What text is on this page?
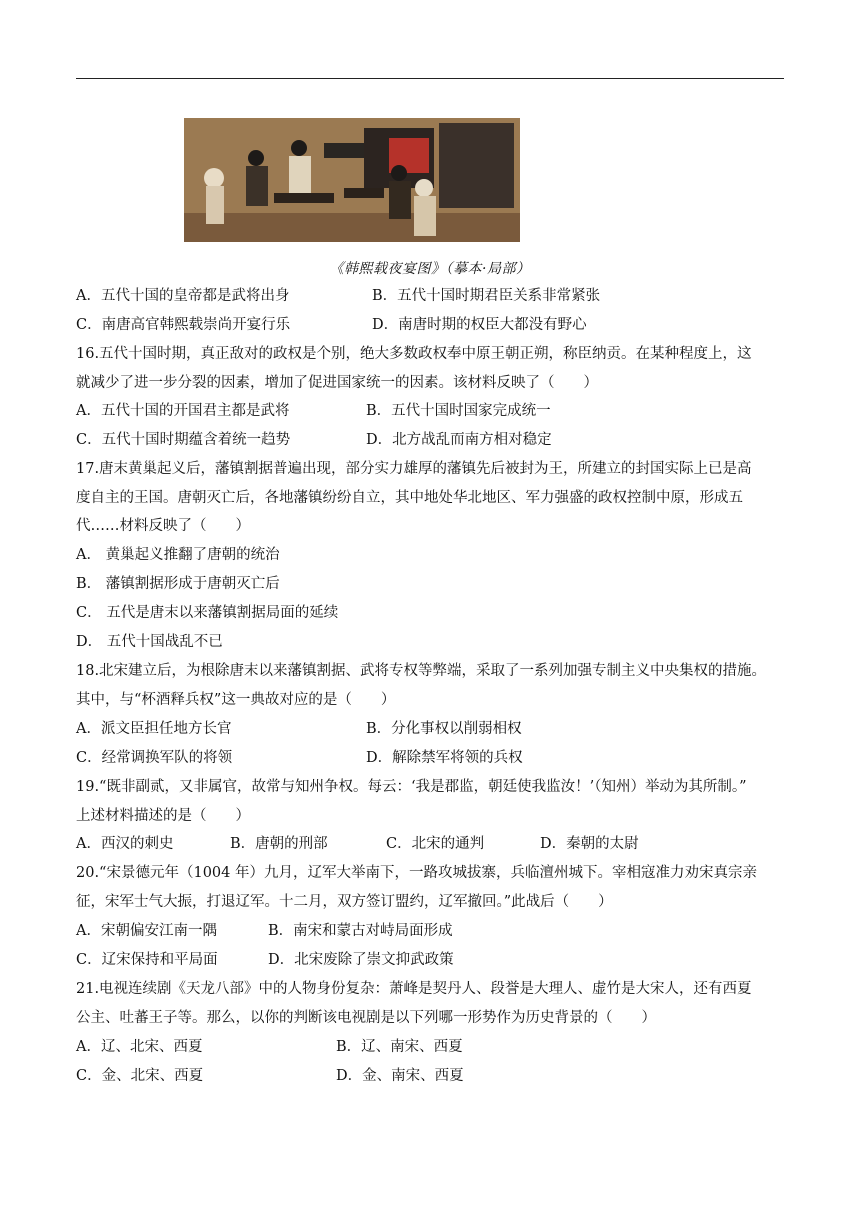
《韩熙载夜宴图》（摹本·局部）
A．五代十国的皇帝都是武将出身	B．五代十国时期君臣关系非常紧张
C．南唐高官韩熙载崇尚开宴行乐	D．南唐时期的权臣大都没有野心
16.五代十国时期，真正敌对的政权是个别，绝大多数政权奉中原王朝正朔，称臣纳贡。在某种程度上，这
就减少了进一步分裂的因素，增加了促进国家统一的因素。该材料反映了（　　）
A．五代十国的开国君主都是武将	B．五代十国时国家完成统一
C．五代十国时期蕴含着统一趋势	D．北方战乱而南方相对稳定
17.唐末黄巢起义后，藩镇割据普遍出现，部分实力雄厚的藩镇先后被封为王，所建立的封国实际上已是高
度自主的王国。唐朝灭亡后，各地藩镇纷纷自立，其中地处华北地区、军力强盛的政权控制中原，形成五
代……材料反映了（　　）
A． 黄巢起义推翻了唐朝的统治
B． 藩镇割据形成于唐朝灭亡后
C． 五代是唐末以来藩镇割据局面的延续
D． 五代十国战乱不已
18.北宋建立后，为根除唐末以来藩镇割据、武将专权等弊端，采取了一系列加强专制主义中央集权的措施。
其中，与“杯酒释兵权”这一典故对应的是（　　）
A．派文臣担任地方长官	B．分化事权以削弱相权
C．经常调换军队的将领	D．解除禁军将领的兵权
19.“既非副贰，又非属官，故常与知州争权。每云：‘我是郡监，朝廷使我监汝！’（知州）举动为其所制。”
上述材料描述的是（　　）
A．西汉的刺史	B．唐朝的刑部	C．北宋的通判	D．秦朝的太尉
20.“宋景德元年（1004 年）九月，辽军大举南下，一路攻城拔寨，兵临澶州城下。宰相寇准力劝宋真宗亲
征，宋军士气大振，打退辽军。十二月，双方签订盟约，辽军撤回。”此战后（　　）
A．宋朝偏安江南一隅	B．南宋和蒙古对峙局面形成
C．辽宋保持和平局面	D．北宋废除了崇文抑武政策
21.电视连续剧《天龙八部》中的人物身份复杂：萧峰是契丹人、段誉是大理人、虚竹是大宋人，还有西夏
公主、吐蕃王子等。那么，以你的判断该电视剧是以下列哪一形势作为历史背景的（　　）
A．辽、北宋、西夏	B．辽、南宋、西夏
C．金、北宋、西夏	D．金、南宋、西夏
